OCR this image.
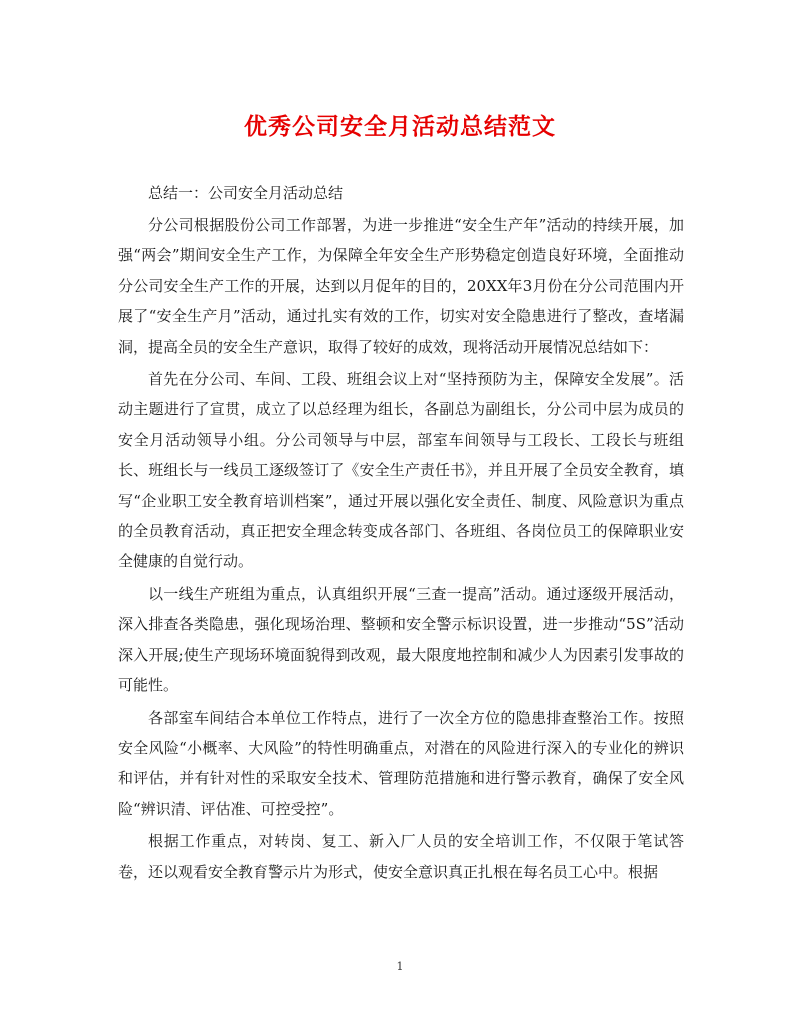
优秀公司安全月活动总结范文

总结一：公司安全月活动总结

分公司根据股份公司工作部署，为进一步推进“安全生产年”活动的持续开展，加强“两会”期间安全生产工作，为保障全年安全生产形势稳定创造良好环境，全面推动分公司安全生产工作的开展，达到以月促年的目的，20XX年3月份在分公司范围内开展了“安全生产月”活动，通过扎实有效的工作，切实对安全隐患进行了整改，查堵漏洞，提高全员的安全生产意识，取得了较好的成效，现将活动开展情况总结如下：

首先在分公司、车间、工段、班组会议上对“坚持预防为主，保障安全发展”。活动主题进行了宣贯，成立了以总经理为组长，各副总为副组长，分公司中层为成员的安全月活动领导小组。分公司领导与中层，部室车间领导与工段长、工段长与班组长、班组长与一线员工逐级签订了《安全生产责任书》，并且开展了全员安全教育，填写“企业职工安全教育培训档案”，通过开展以强化安全责任、制度、风险意识为重点的全员教育活动，真正把安全理念转变成各部门、各班组、各岗位员工的保障职业安全健康的自觉行动。

以一线生产班组为重点，认真组织开展“三查一提高”活动。通过逐级开展活动，深入排查各类隐患，强化现场治理、整顿和安全警示标识设置，进一步推动“5S”活动深入开展;使生产现场环境面貌得到改观，最大限度地控制和减少人为因素引发事故的可能性。

各部室车间结合本单位工作特点，进行了一次全方位的隐患排查整治工作。按照安全风险“小概率、大风险”的特性明确重点，对潜在的风险进行深入的专业化的辨识和评估，并有针对性的采取安全技术、管理防范措施和进行警示教育，确保了安全风险“辨识清、评估准、可控受控”。

根据工作重点，对转岗、复工、新入厂人员的安全培训工作，不仅限于笔试答卷，还以观看安全教育警示片为形式，使安全意识真正扎根在每名员工心中。根据

1
